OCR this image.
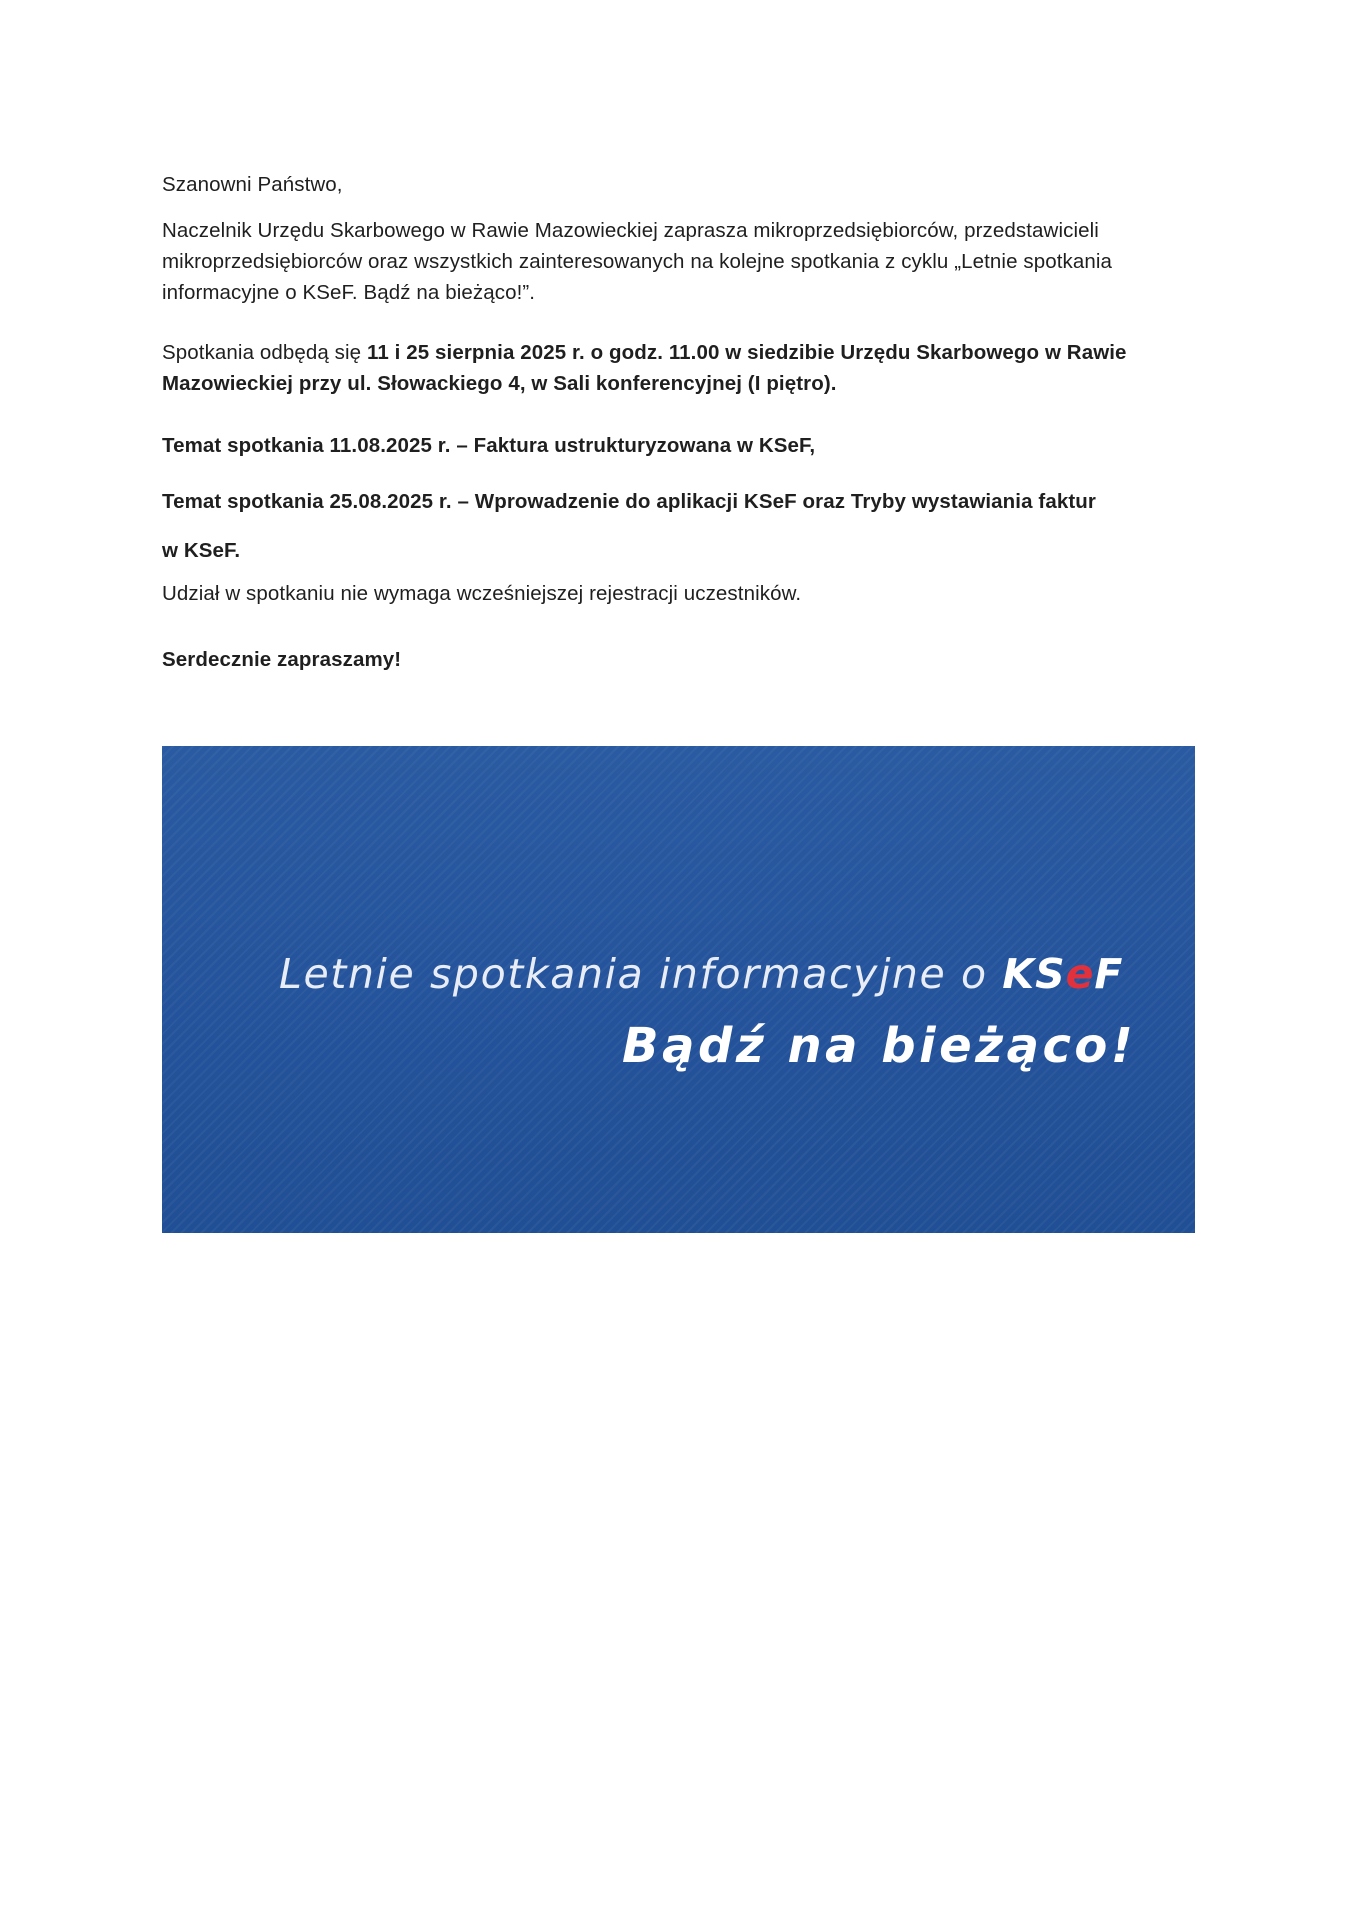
Szanowni Państwo,
Naczelnik Urzędu Skarbowego w Rawie Mazowieckiej zaprasza mikroprzedsiębiorców, przedstawicieli mikroprzedsiębiorców oraz wszystkich zainteresowanych na kolejne spotkania z cyklu „Letnie spotkania informacyjne o KSeF. Bądź na bieżąco!”.
Spotkania odbędą się 11 i 25 sierpnia 2025 r. o godz. 11.00 w siedzibie Urzędu Skarbowego w Rawie Mazowieckiej przy ul. Słowackiego 4, w Sali konferencyjnej (I piętro).
Temat spotkania 11.08.2025 r. – Faktura ustrukturyzowana w KSeF,
Temat spotkania 25.08.2025 r. – Wprowadzenie do aplikacji KSeF oraz Tryby wystawiania faktur
w KSeF.
Udział w spotkaniu nie wymaga wcześniejszej rejestracji uczestników.
Serdecznie zapraszamy!
Letnie spotkania informacyjne o KSeF
Bądź na bieżąco!
